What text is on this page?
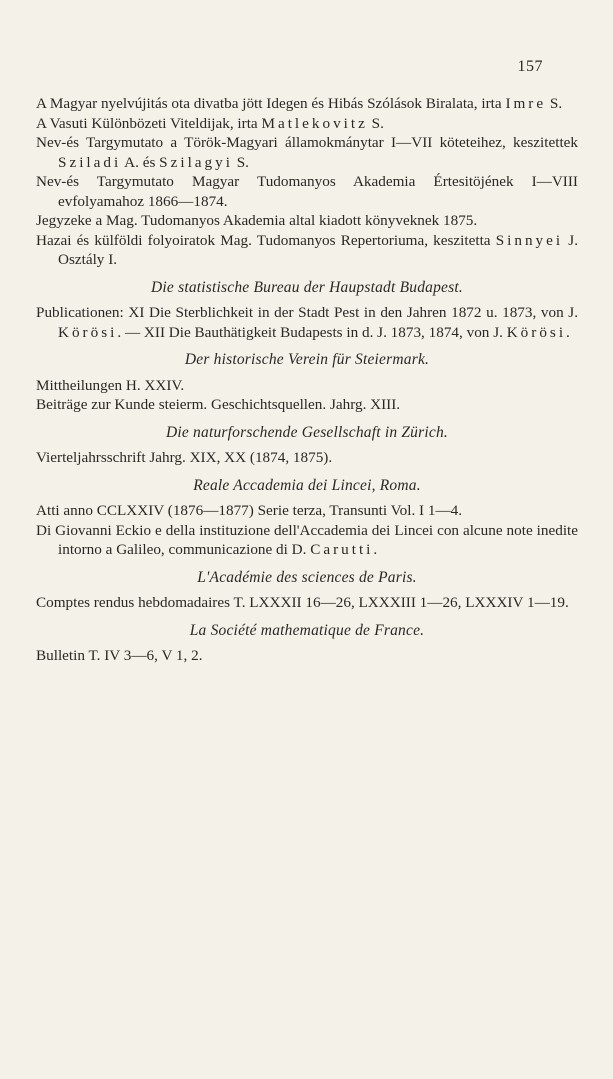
157

A Magyar nyelvújitás ota divatba jött Idegen és Hibás Szólások Biralata, irta Imre S.

A Vasuti Különbözeti Viteldijak, irta Matlekovitz S.

Nev-és Targymutato a Török-Magyari államokmánytar I—VII köteteihez, keszitettek Sziladi A. és Szilagyi S.

Nev-és Targymutato Magyar Tudomanyos Akademia Értesitöjének I—VIII evfolyamahoz 1866—1874.

Jegyzeke a Mag. Tudomanyos Akademia altal kiadott könyveknek 1875.

Hazai és külföldi folyoiratok Mag. Tudomanyos Repertoriuma, keszitetta Sinnyei J. Osztály I.

Die statistische Bureau der Haupstadt Budapest.

Publicationen: XI Die Sterblichkeit in der Stadt Pest in den Jahren 1872 u. 1873, von J. Körösi. — XII Die Bauthätigkeit Budapests in d. J. 1873, 1874, von J. Körösi.

Der historische Verein für Steiermark.

Mittheilungen H. XXIV.

Beiträge zur Kunde steierm. Geschichtsquellen. Jahrg. XIII.

Die naturforschende Gesellschaft in Zürich.

Vierteljahrsschrift Jahrg. XIX, XX (1874, 1875).

Reale Accademia dei Lincei, Roma.

Atti anno CCLXXIV (1876—1877) Serie terza, Transunti Vol. I 1—4.

Di Giovanni Eckio e della instituzione dell'Accademia dei Lincei con alcune note inedite intorno a Galileo, communicazione di D. Carutti.

L'Académie des sciences de Paris.

Comptes rendus hebdomadaires T. LXXXII 16—26, LXXXIII 1—26, LXXXIV 1—19.

La Société mathematique de France.

Bulletin T. IV 3—6, V 1, 2.
